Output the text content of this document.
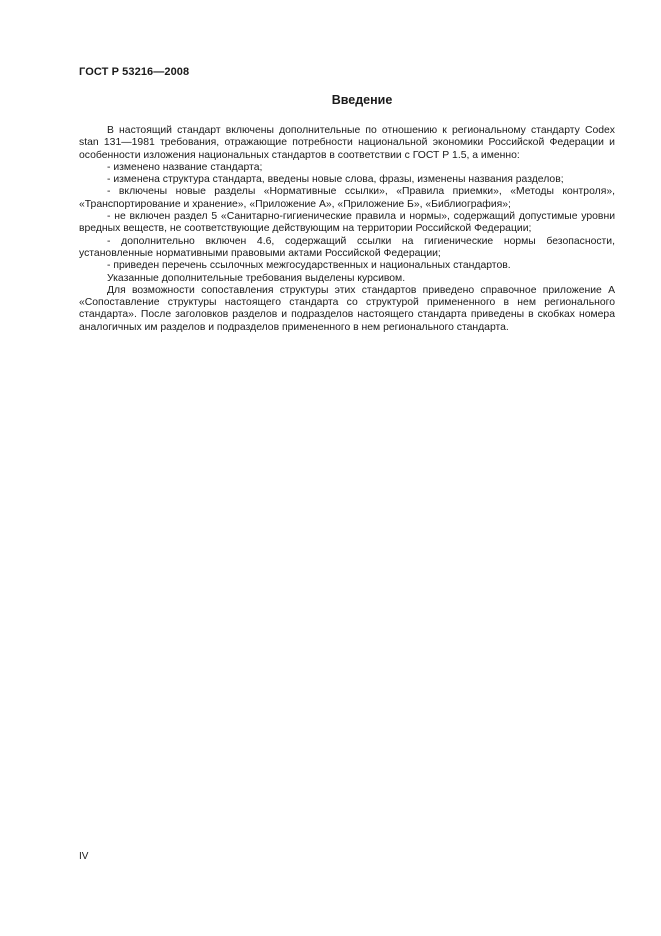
ГОСТ Р 53216—2008
Введение

В настоящий стандарт включены дополнительные по отношению к региональному стандарту Codex stan 131—1981 требования, отражающие потребности национальной экономики Российской Федерации и особенности изложения национальных стандартов в соответствии с ГОСТ Р 1.5, а именно:

- изменено название стандарта;

- изменена структура стандарта, введены новые слова, фразы, изменены названия разделов;

- включены новые разделы «Нормативные ссылки», «Правила приемки», «Методы контроля», «Транспортирование и хранение», «Приложение А», «Приложение Б», «Библиография»;

- не включен раздел 5 «Санитарно-гигиенические правила и нормы», содержащий допустимые уровни вредных веществ, не соответствующие действующим на территории Российской Федерации;

- дополнительно включен 4.6, содержащий ссылки на гигиенические нормы безопасности, установленные нормативными правовыми актами Российской Федерации;

- приведен перечень ссылочных межгосударственных и национальных стандартов.

Указанные дополнительные требования выделены курсивом.

Для возможности сопоставления структуры этих стандартов приведено справочное приложение А «Сопоставление структуры настоящего стандарта со структурой примененного в нем регионального стандарта». После заголовков разделов и подразделов настоящего стандарта приведены в скобках номера аналогичных им разделов и подразделов примененного в нем регионального стандарта.

IV
